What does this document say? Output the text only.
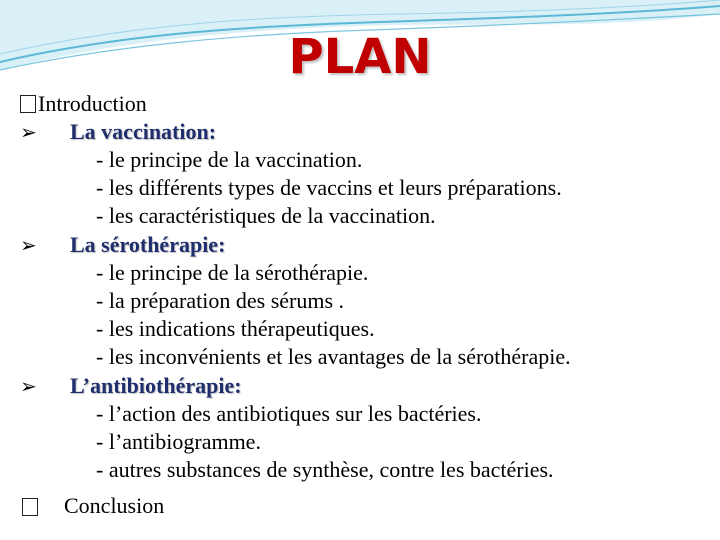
PLAN
Introduction
➢ La vaccination:
- le principe de la vaccination.
- les différents types de vaccins et leurs préparations.
- les caractéristiques de la vaccination.
➢ La sérothérapie:
- le principe de la sérothérapie.
- la préparation des sérums .
- les indications thérapeutiques.
- les inconvénients et les avantages de la sérothérapie.
➢ L’antibiothérapie:
- l’action des antibiotiques sur les bactéries.
- l’antibiogramme.
- autres substances de synthèse, contre les bactéries.
Conclusion
